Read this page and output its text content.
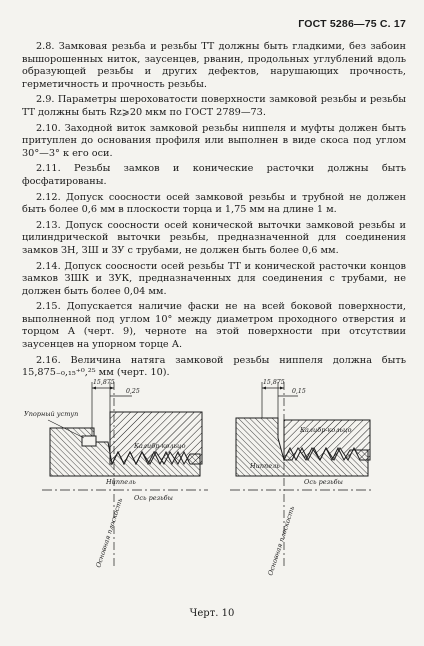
ГОСТ 5286—75 С. 17

2.8. Замковая резьба и резьбы ТТ должны быть гладкими, без забоин вышорошенных ниток, заусенцев, рванин, продольных углублений вдоль образующей резьбы и других дефектов, нарушающих прочность, герметичность и прочность резьбы.

2.9. Параметры шероховатости поверхности замковой резьбы и резьбы ТТ должны быть Rz⩾20 мкм по ГОСТ 2789—73.

2.10. Заходной виток замковой резьбы ниппеля и муфты должен быть притуплен до основания профиля или выполнен в виде скоса под углом 30°—3° к его оси.

2.11. Резьбы замков и конические расточки должны быть фосфатированы.

2.12. Допуск соосности осей замковой резьбы и трубной не должен быть более 0,6 мм в плоскости торца и 1,75 мм на длине 1 м.

2.13. Допуск соосности осей конической выточки замковой резьбы и цилиндрической выточки резьбы, предназначенной для соединения замков ЗН, ЗШ и ЗУ с трубами, не должен быть более 0,6 мм.

2.14. Допуск соосности осей резьбы ТТ и конической расточки концов замков ЗШК и ЗУК, предназначенных для соединения с трубами, не должен быть более 0,04 мм.

2.15. Допускается наличие фаски не на всей боковой поверхности, выполненной под углом 10° между диаметром проходного отверстия и торцом А (черт. 9), черноте на этой поверхности при отсутствии заусенцев на упорном торце А.

2.16. Величина натяга замковой резьбы ниппеля должна быть 15,875₋₀,₁₅⁺⁰,²⁵ мм (черт. 10).

15,875
0,25
Упорный уступ
Калибр-кольцо
Ниппель
Ось резьбы
Основная плоскость
15,875
0,15
Калибр-кольцо
Ниппель
Ось резьбы
Основная плоскость
Черт. 10
